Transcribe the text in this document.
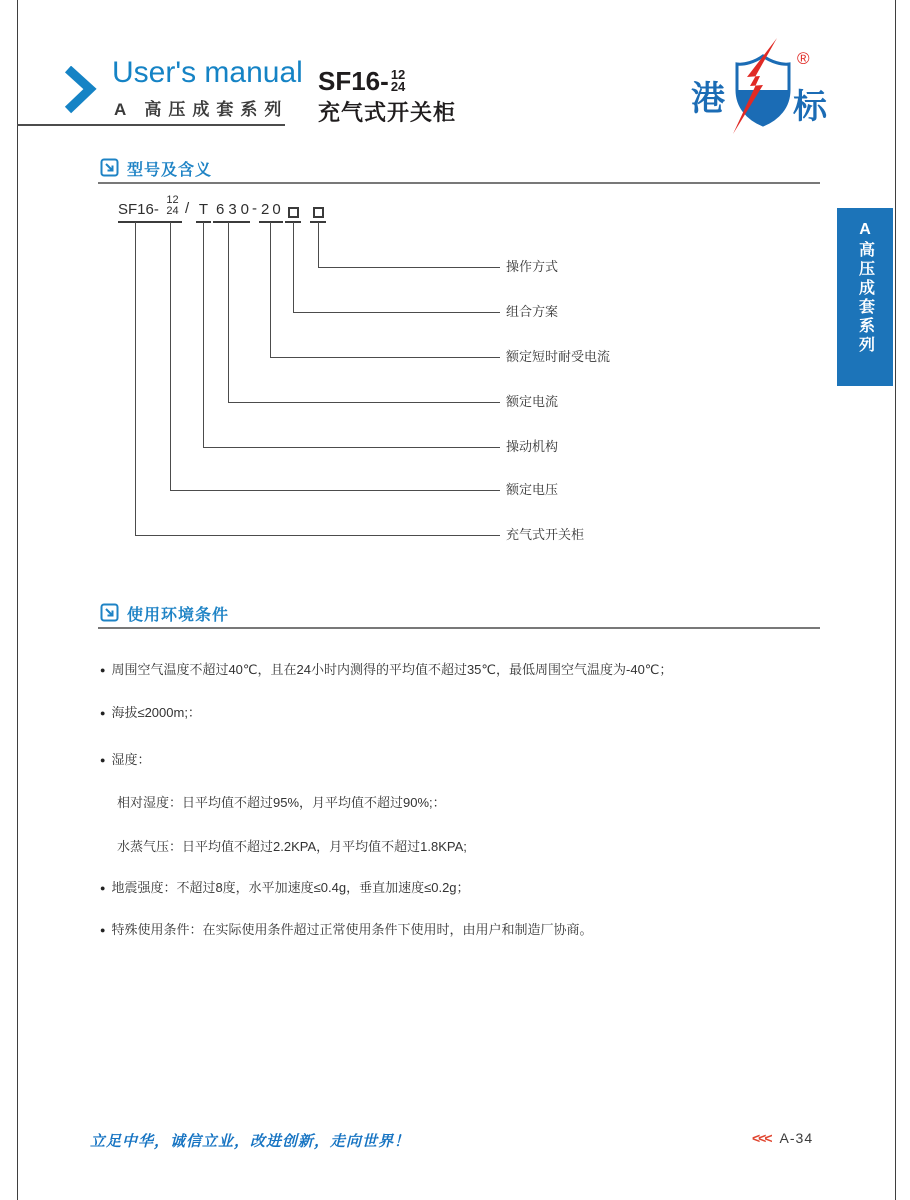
User's manual
A 高压成套系列
SF16- 12
24
充气式开关柜	港 标
®
A高压成套系列
型号及含义
SF16-
12
24 / T 630
- 20
操作方式
组合方案
额定短时耐受电流
额定电流
操动机构
额定电压
充气式开关柜
使用环境条件
● 周围空气温度不超过40℃，且在24小时内测得的平均值不超过35℃，最低周围空气温度为-40℃；
● 海拔≤2000m;：
● 湿度：
相对湿度：日平均值不超过95%，月平均值不超过90%;：
水蒸气压：日平均值不超过2.2KPA，月平均值不超过1.8KPA;
● 地震强度：不超过8度，水平加速度≤0.4g，垂直加速度≤0.2g；
● 特殊使用条件：在实际使用条件超过正常使用条件下使用时，由用户和制造厂协商。
立足中华，诚信立业，改进创新，走向世界！	<<< A-34
